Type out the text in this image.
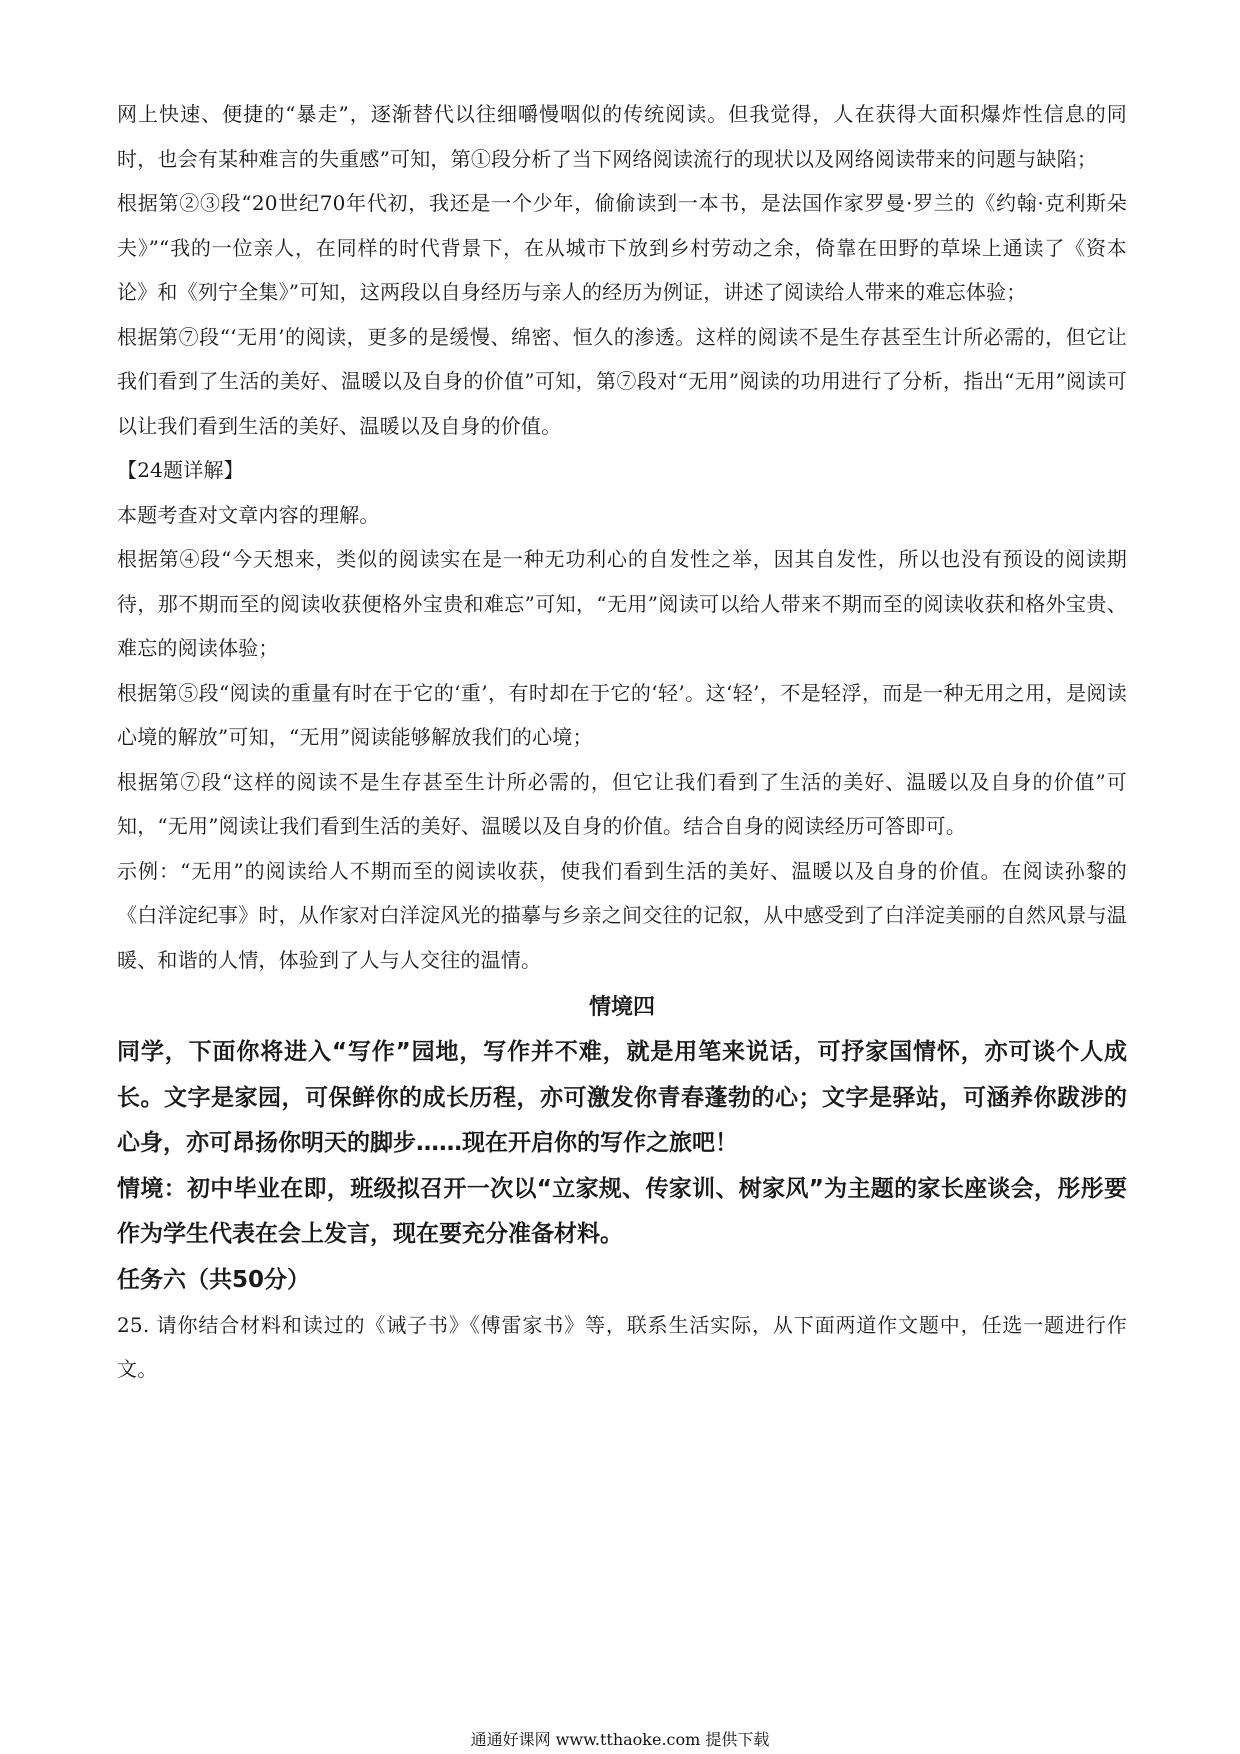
网上快速、便捷的“暴走”，逐渐替代以往细嚼慢咽似的传统阅读。但我觉得，人在获得大面积爆炸性信息的同时，也会有某种难言的失重感”可知，第①段分析了当下网络阅读流行的现状以及网络阅读带来的问题与缺陷；

根据第②③段“20世纪70年代初，我还是一个少年，偷偷读到一本书，是法国作家罗曼·罗兰的《约翰·克利斯朵夫》”“我的一位亲人，在同样的时代背景下，在从城市下放到乡村劳动之余，倚靠在田野的草垛上通读了《资本论》和《列宁全集》”可知，这两段以自身经历与亲人的经历为例证，讲述了阅读给人带来的难忘体验；

根据第⑦段“‘无用’的阅读，更多的是缓慢、绵密、恒久的渗透。这样的阅读不是生存甚至生计所必需的，但它让我们看到了生活的美好、温暖以及自身的价值”可知，第⑦段对“无用”阅读的功用进行了分析，指出“无用”阅读可以让我们看到生活的美好、温暖以及自身的价值。

【24题详解】

本题考查对文章内容的理解。

根据第④段“今天想来，类似的阅读实在是一种无功利心的自发性之举，因其自发性，所以也没有预设的阅读期待，那不期而至的阅读收获便格外宝贵和难忘”可知，“无用”阅读可以给人带来不期而至的阅读收获和格外宝贵、难忘的阅读体验；

根据第⑤段“阅读的重量有时在于它的‘重’，有时却在于它的‘轻’。这‘轻’，不是轻浮，而是一种无用之用，是阅读心境的解放”可知，“无用”阅读能够解放我们的心境；

根据第⑦段“这样的阅读不是生存甚至生计所必需的，但它让我们看到了生活的美好、温暖以及自身的价值”可知，“无用”阅读让我们看到生活的美好、温暖以及自身的价值。结合自身的阅读经历可答即可。

示例：“无用”的阅读给人不期而至的阅读收获，使我们看到生活的美好、温暖以及自身的价值。在阅读孙黎的《白洋淀纪事》时，从作家对白洋淀风光的描摹与乡亲之间交往的记叙，从中感受到了白洋淀美丽的自然风景与温暖、和谐的人情，体验到了人与人交往的温情。

情境四

同学，下面你将进入“写作”园地，写作并不难，就是用笔来说话，可抒家国情怀，亦可谈个人成长。文字是家园，可保鲜你的成长历程，亦可激发你青春蓬勃的心；文字是驿站，可涵养你跋涉的心身，亦可昂扬你明天的脚步……现在开启你的写作之旅吧！

情境：初中毕业在即，班级拟召开一次以“立家规、传家训、树家风”为主题的家长座谈会，彤彤要作为学生代表在会上发言，现在要充分准备材料。

任务六（共50分）

25. 请你结合材料和读过的《诫子书》《傅雷家书》等，联系生活实际，从下面两道作文题中，任选一题进行作文。

通通好课网 www.tthaoke.com 提供下载
